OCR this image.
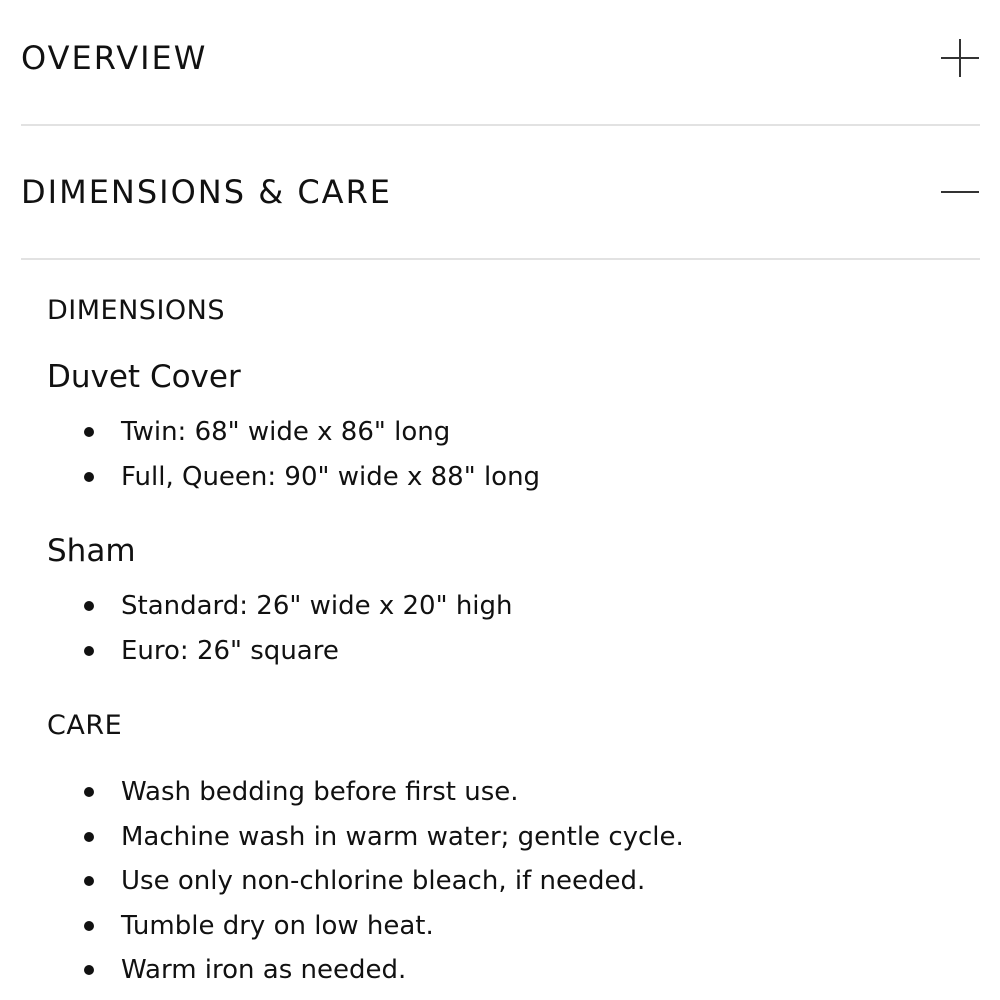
OVERVIEW
DIMENSIONS & CARE
DIMENSIONS
Duvet Cover
Twin: 68" wide x 86" long
Full, Queen: 90" wide x 88" long
Sham
Standard: 26" wide x 20" high
Euro: 26" square
CARE
Wash bedding before first use.
Machine wash in warm water; gentle cycle.
Use only non-chlorine bleach, if needed.
Tumble dry on low heat.
Warm iron as needed.
